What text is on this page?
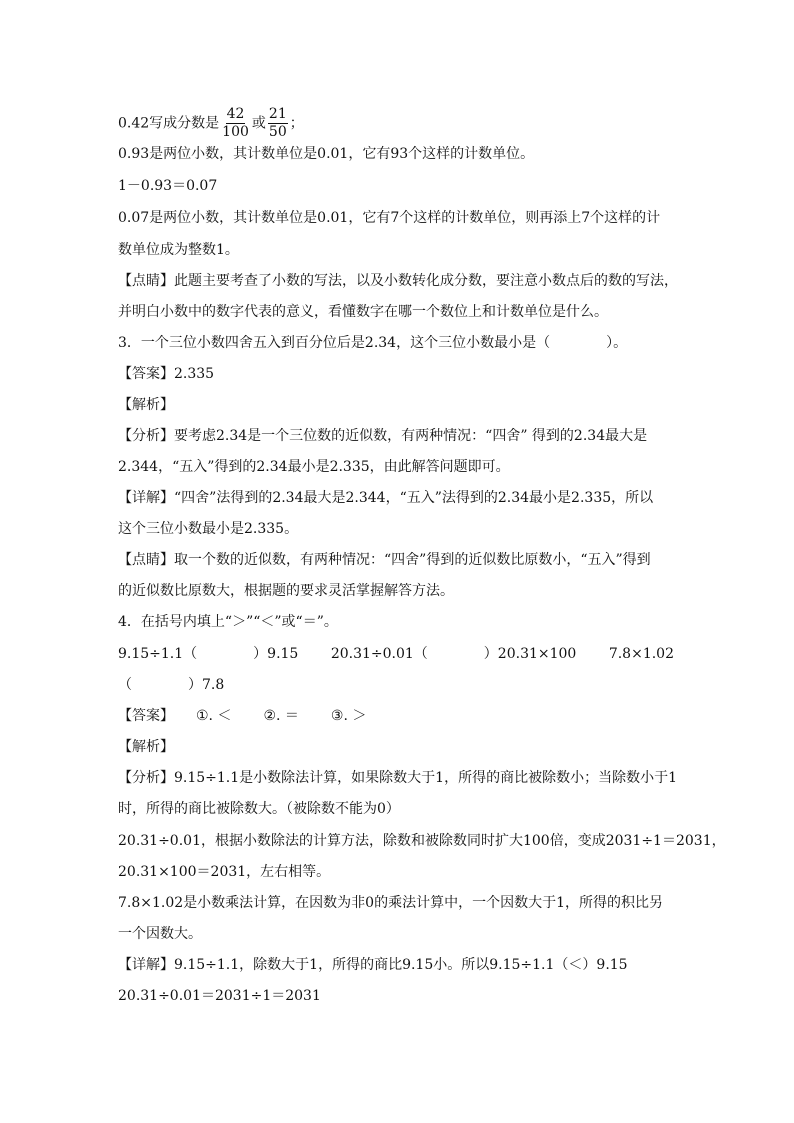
0.42写成分数是 $\frac{42}{100}$ 或 $\frac{21}{50}$ ；
0.93是两位小数，其计数单位是0.01，它有93个这样的计数单位。
1－0.93＝0.07
0.07是两位小数，其计数单位是0.01，它有7个这样的计数单位，则再添上7个这样的计
数单位成为整数1。
【点睛】此题主要考查了小数的写法，以及小数转化成分数，要注意小数点后的数的写法，
并明白小数中的数字代表的意义，看懂数字在哪一个数位上和计数单位是什么。
3．一个三位小数四舍五入到百分位后是2.34，这个三位小数最小是（　　　　）。
【答案】2.335
【解析】
【分析】要考虑2.34是一个三位数的近似数，有两种情况：“四舍” 得到的2.34最大是
2.344，“五入”得到的2.34最小是2.335，由此解答问题即可。
【详解】“四舍”法得到的2.34最大是2.344，“五入”法得到的2.34最小是2.335，所以
这个三位小数最小是2.335。
【点睛】取一个数的近似数，有两种情况：“四舍”得到的近似数比原数小，“五入”得到
的近似数比原数大，根据题的要求灵活掌握解答方法。
4．在括号内填上“＞”“＜”或“＝”。
9.15÷1.1（　　　　）9.15 20.31÷0.01（　　　　）20.31×100 7.8×1.02
（　　　　）7.8
【答案】 ①. ＜ ②. ＝ ③. ＞
【解析】
【分析】9.15÷1.1是小数除法计算，如果除数大于1，所得的商比被除数小；当除数小于1
时，所得的商比被除数大。（被除数不能为0）
20.31÷0.01，根据小数除法的计算方法，除数和被除数同时扩大100倍，变成2031÷1＝2031，
20.31×100＝2031，左右相等。
7.8×1.02是小数乘法计算，在因数为非0的乘法计算中，一个因数大于1，所得的积比另
一个因数大。
【详解】9.15÷1.1，除数大于1，所得的商比9.15小。所以9.15÷1.1（＜）9.15
20.31÷0.01＝2031÷1＝2031
